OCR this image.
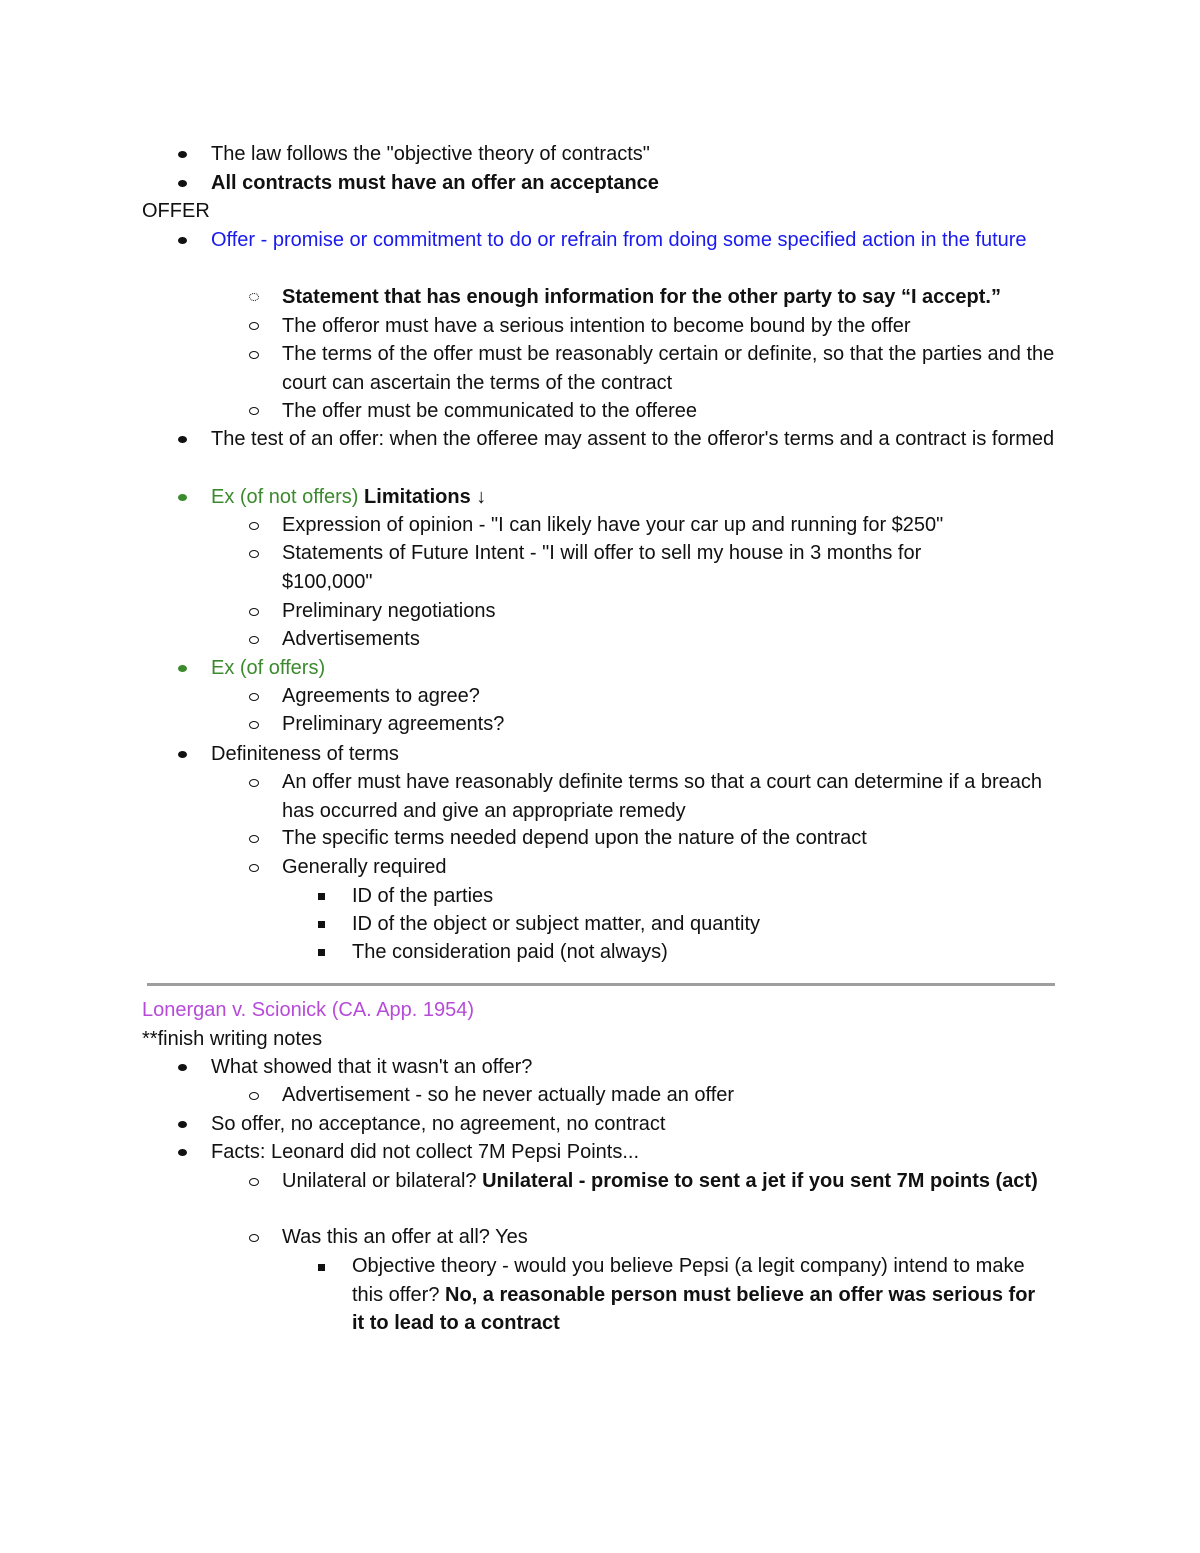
The law follows the "objective theory of contracts"
All contracts must have an offer an acceptance
OFFER
Offer - promise or commitment to do or refrain from doing some specified action in the future
Statement that has enough information for the other party to say “I accept.”
The offeror must have a serious intention to become bound by the offer
The terms of the offer must be reasonably certain or definite, so that the parties and the court can ascertain the terms of the contract
The offer must be communicated to the offeree
The test of an offer: when the offeree may assent to the offeror's terms and a contract is formed
Ex (of not offers) Limitations ↓
Expression of opinion - "I can likely have your car up and running for $250"
Statements of Future Intent - "I will offer to sell my house in 3 months for $100,000"
Preliminary negotiations
Advertisements
Ex (of offers)
Agreements to agree?
Preliminary agreements?
Definiteness of terms
An offer must have reasonably definite terms so that a court can determine if a breach has occurred and give an appropriate remedy
The specific terms needed depend upon the nature of the contract
Generally required
ID of the parties
ID of the object or subject matter, and quantity
The consideration paid (not always)
Lonergan v. Scionick (CA. App. 1954)
**finish writing notes
What showed that it wasn't an offer?
Advertisement - so he never actually made an offer
So offer, no acceptance, no agreement, no contract
Facts: Leonard did not collect 7M Pepsi Points...
Unilateral or bilateral? Unilateral - promise to sent a jet if you sent 7M points (act)
Was this an offer at all? Yes
Objective theory - would you believe Pepsi (a legit company) intend to make this offer? No, a reasonable person must believe an offer was serious for it to lead to a contract
